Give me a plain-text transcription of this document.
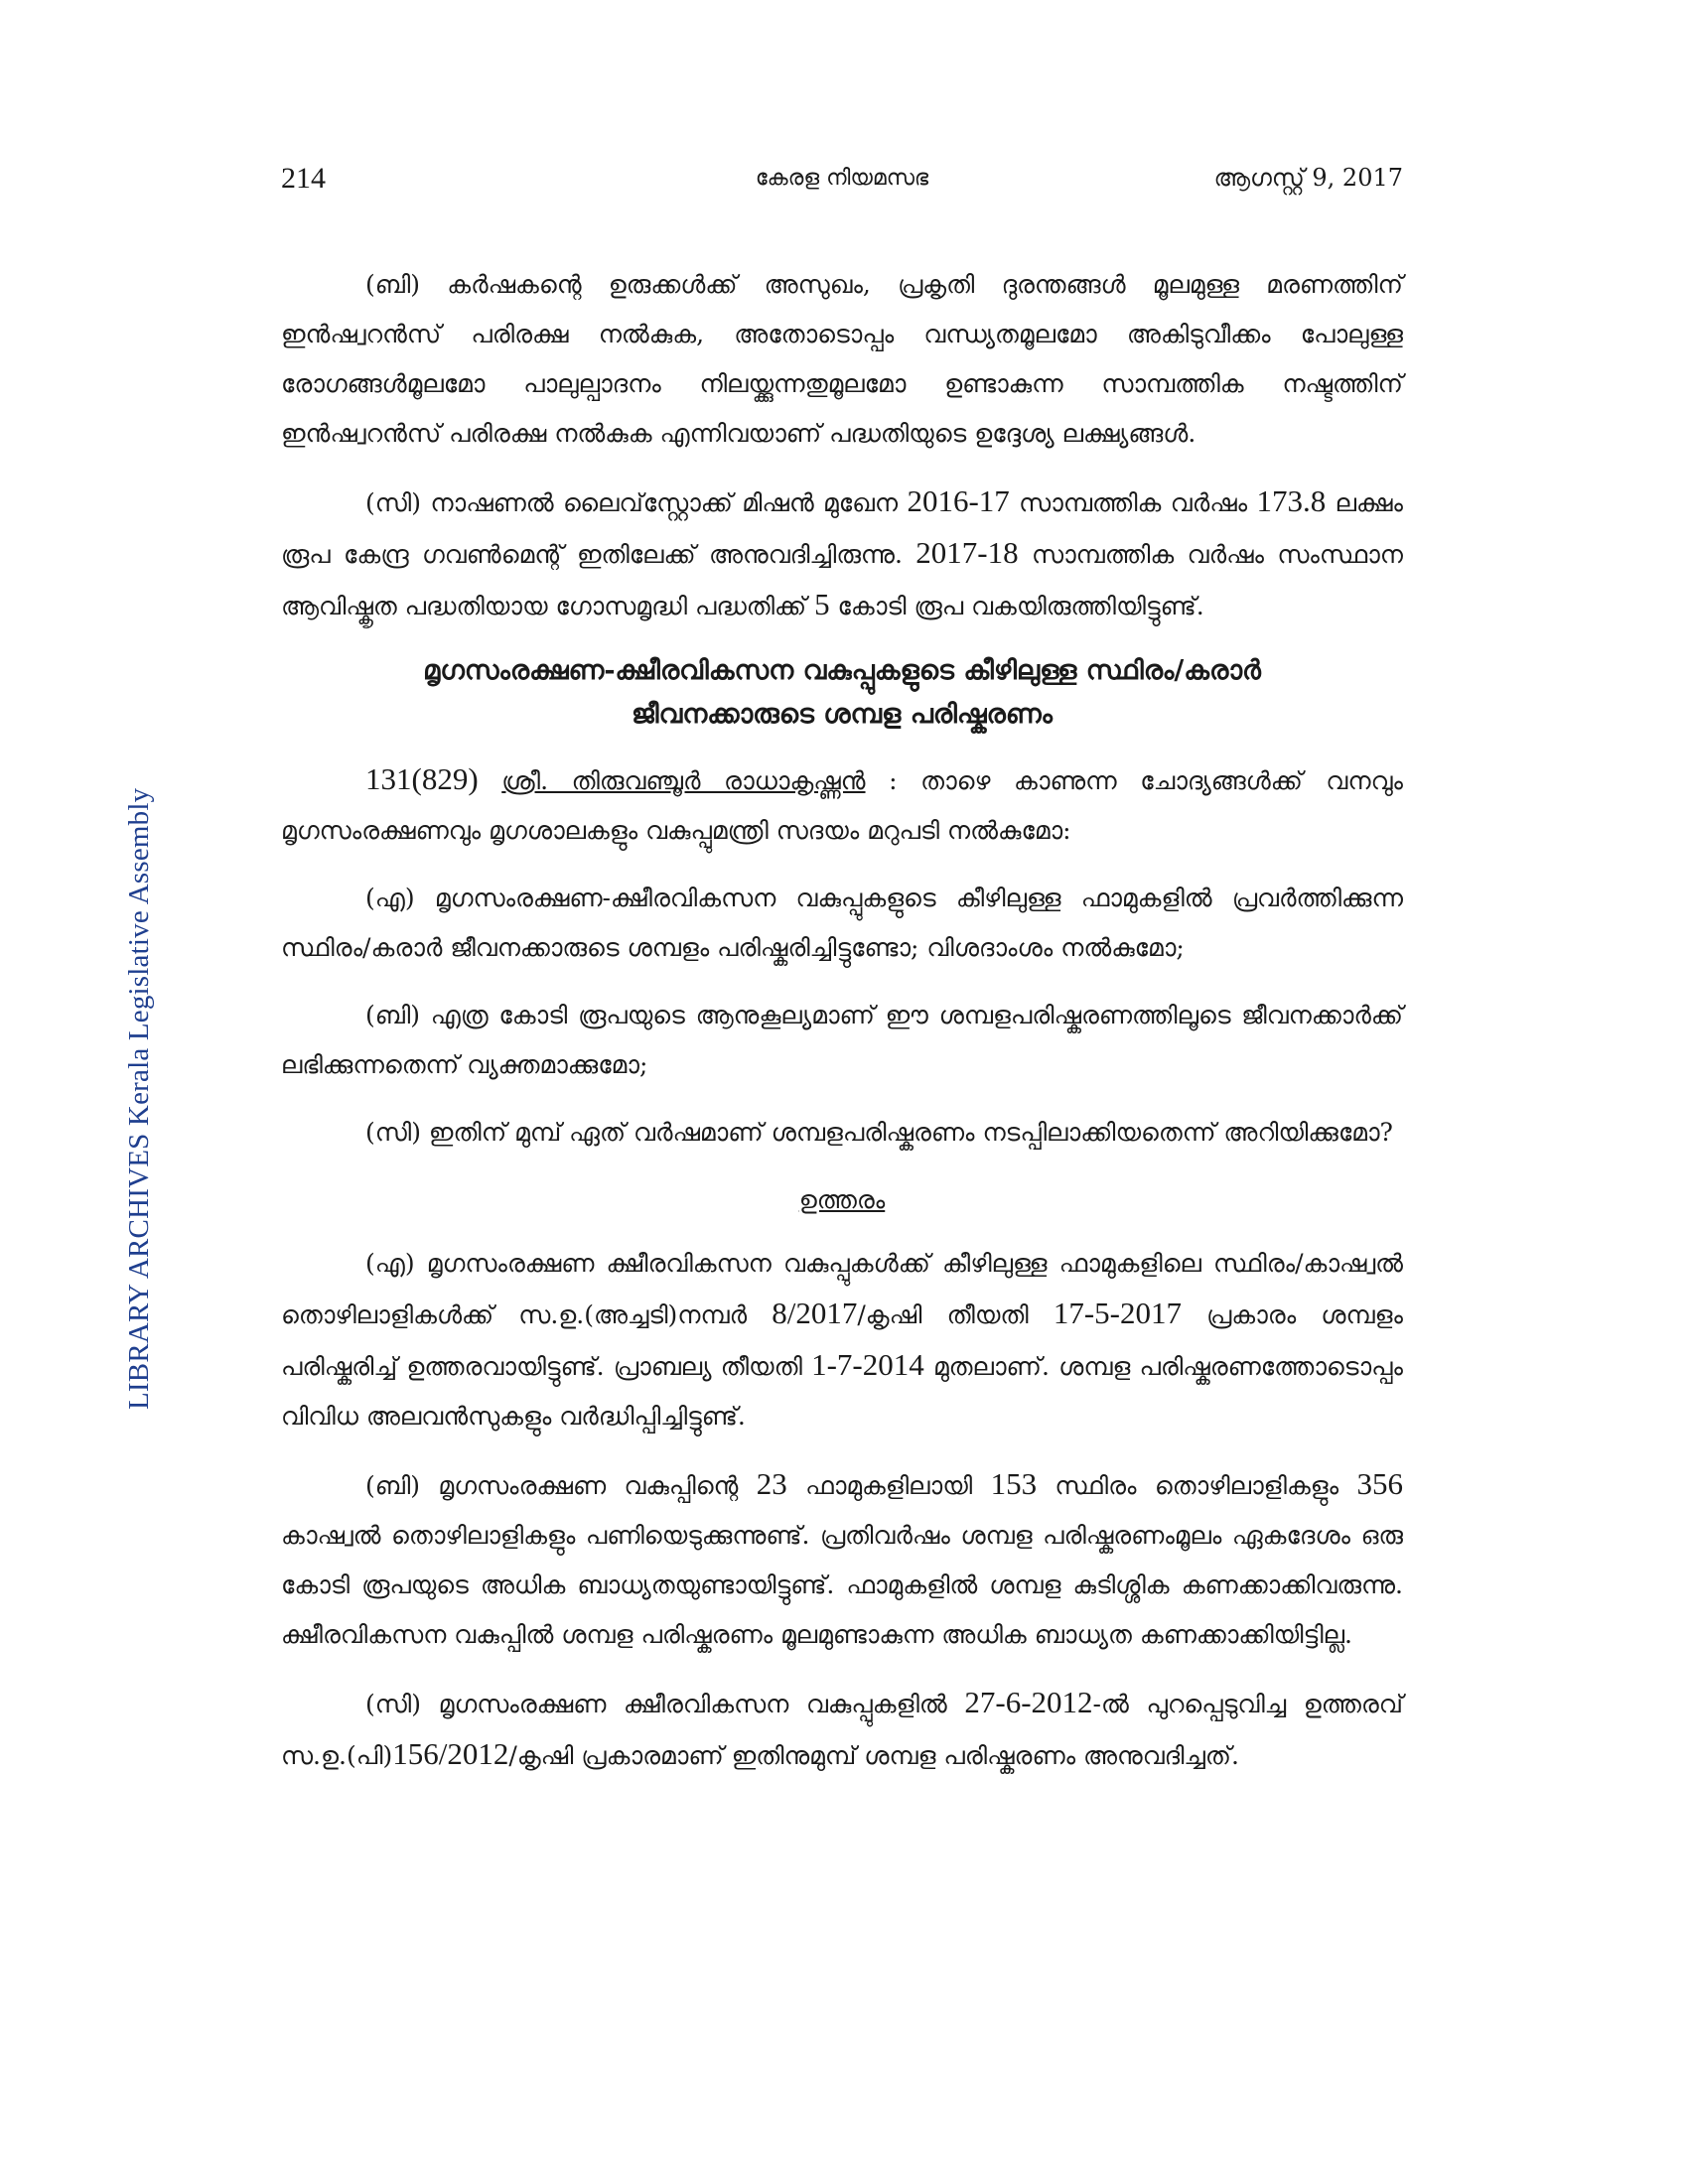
LIBRARY ARCHIVES Kerala Legislative Assembly
214	കേരള നിയമസഭ	ആഗസ്റ്റ് 9, 2017

(ബി) കർഷകന്റെ ഉരുക്കൾക്ക് അസുഖം, പ്രകൃതി ദുരന്തങ്ങൾ മൂലമുള്ള മരണത്തിന് ഇൻഷ്വറൻസ് പരിരക്ഷ നൽകുക, അതോടൊപ്പം വന്ധ്യതമൂലമോ അകിടുവീക്കം പോലുള്ള രോഗങ്ങൾമൂലമോ പാലുല്പാദനം നിലയ്ക്കുന്നതുമൂലമോ ഉണ്ടാകുന്ന സാമ്പത്തിക നഷ്ടത്തിന് ഇൻഷ്വറൻസ് പരിരക്ഷ നൽകുക എന്നിവയാണ് പദ്ധതിയുടെ ഉദ്ദേശ്യ ലക്ഷ്യങ്ങൾ.

(സി) നാഷണൽ ലൈവ്‌സ്റ്റോക്ക് മിഷൻ മുഖേന 2016-17 സാമ്പത്തിക വർഷം 173.8 ലക്ഷം രൂപ കേന്ദ്ര ഗവൺമെന്റ് ഇതിലേക്ക് അനുവദിച്ചിരുന്നു. 2017-18 സാമ്പത്തിക വർഷം സംസ്ഥാന ആവിഷ്കൃത പദ്ധതിയായ ഗോസമൃദ്ധി പദ്ധതിക്ക് 5 കോടി രൂപ വകയിരുത്തിയിട്ടുണ്ട്.

മൃഗസംരക്ഷണ-ക്ഷീരവികസന വകുപ്പുകളുടെ കീഴിലുള്ള സ്ഥിരം/കരാർ
ജീവനക്കാരുടെ ശമ്പള പരിഷ്കരണം

131(829) ശ്രീ. തിരുവഞ്ചൂർ രാധാകൃഷ്ണൻ : താഴെ കാണുന്ന ചോദ്യങ്ങൾക്ക് വനവും മൃഗസംരക്ഷണവും മൃഗശാലകളും വകുപ്പുമന്ത്രി സദയം മറുപടി നൽകുമോ:

(എ) മൃഗസംരക്ഷണ-ക്ഷീരവികസന വകുപ്പുകളുടെ കീഴിലുള്ള ഫാമുകളിൽ പ്രവർത്തിക്കുന്ന സ്ഥിരം/കരാർ ജീവനക്കാരുടെ ശമ്പളം പരിഷ്കരിച്ചിട്ടുണ്ടോ; വിശദാംശം നൽകുമോ;

(ബി) എത്ര കോടി രൂപയുടെ ആനുകൂല്യമാണ് ഈ ശമ്പളപരിഷ്കരണത്തിലൂടെ ജീവനക്കാർക്ക് ലഭിക്കുന്നതെന്ന് വ്യക്തമാക്കുമോ;

(സി) ഇതിന് മുമ്പ് ഏത് വർഷമാണ് ശമ്പളപരിഷ്കരണം നടപ്പിലാക്കിയതെന്ന് അറിയിക്കുമോ?

ഉത്തരം

(എ) മൃഗസംരക്ഷണ ക്ഷീരവികസന വകുപ്പുകൾക്ക് കീഴിലുള്ള ഫാമുകളിലെ സ്ഥിരം/കാഷ്വൽ തൊഴിലാളികൾക്ക് സ.ഉ.(അച്ചടി)നമ്പർ 8/2017/കൃഷി തീയതി 17-5-2017 പ്രകാരം ശമ്പളം പരിഷ്കരിച്ച് ഉത്തരവായിട്ടുണ്ട്. പ്രാബല്യ തീയതി 1-7-2014 മുതലാണ്. ശമ്പള പരിഷ്കരണത്തോടൊപ്പം വിവിധ അലവൻസുകളും വർദ്ധിപ്പിച്ചിട്ടുണ്ട്.

(ബി) മൃഗസംരക്ഷണ വകുപ്പിന്റെ 23 ഫാമുകളിലായി 153 സ്ഥിരം തൊഴിലാളികളും 356 കാഷ്വൽ തൊഴിലാളികളും പണിയെടുക്കുന്നുണ്ട്. പ്രതിവർഷം ശമ്പള പരിഷ്കരണംമൂലം ഏകദേശം ഒരു കോടി രൂപയുടെ അധിക ബാധ്യതയുണ്ടായിട്ടുണ്ട്. ഫാമുകളിൽ ശമ്പള കുടിശ്ശിക കണക്കാക്കിവരുന്നു. ക്ഷീരവികസന വകുപ്പിൽ ശമ്പള പരിഷ്കരണം മൂലമുണ്ടാകുന്ന അധിക ബാധ്യത കണക്കാക്കിയിട്ടില്ല.

(സി) മൃഗസംരക്ഷണ ക്ഷീരവികസന വകുപ്പുകളിൽ 27-6-2012-ൽ പുറപ്പെടുവിച്ച ഉത്തരവ് സ.ഉ.(പി)156/2012/കൃഷി പ്രകാരമാണ് ഇതിനുമുമ്പ് ശമ്പള പരിഷ്കരണം അനുവദിച്ചത്.
